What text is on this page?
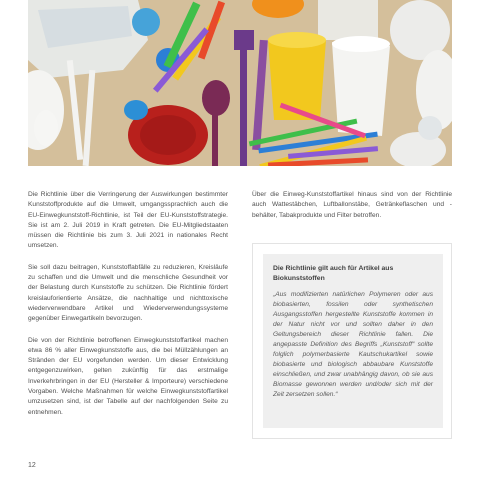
Die Richtlinie über die Verringerung der Auswirkungen bestimmter Kunststoffprodukte auf die Umwelt, umgangssprachlich auch die EU-Einwegkunststoff-Richtlinie, ist Teil der EU-Kunststoffstrategie. Sie ist am 2. Juli 2019 in Kraft getreten. Die EU-Mitgliedstaaten müssen die Richtlinie bis zum 3. Juli 2021 in nationales Recht umsetzen.

Sie soll dazu beitragen, Kunststoffabfälle zu reduzieren, Kreisläufe zu schaffen und die Umwelt und die menschliche Gesundheit vor der Belastung durch Kunststoffe zu schützen. Die Richtlinie fördert kreislauforientierte Ansätze, die nachhaltige und nichttoxische wiederverwendbare Artikel und Wiederverwendungssysteme gegenüber Einwegartikeln bevorzugen.

Die von der Richtlinie betroffenen Einwegkunststoffartikel machen etwa 86 % aller Einwegkunststoffe aus, die bei Müllzählungen an Stränden der EU vorgefunden werden. Um dieser Entwicklung entgegenzuwirken, gelten zukünftig für das erstmalige Inverkehrbringen in der EU (Hersteller & Importeure) verschiedene Vorgaben. Welche Maßnahmen für welche Einwegkunststoffartikel umzusetzen sind, ist der Tabelle auf der nachfolgenden Seite zu entnehmen.

Über die Einweg-Kunststoffartikel hinaus sind von der Richtlinie auch Wattestäbchen, Luftballonstäbe, Getränkeflaschen und -behälter, Tabakprodukte und Filter betroffen.

Die Richtlinie gilt auch für Artikel aus Biokunststoffen

„Aus modifizierten natürlichen Polymeren oder aus biobasierten, fossilen oder synthetischen Ausgangsstoffen hergestellte Kunststoffe kommen in der Natur nicht vor und sollten daher in den Geltungsbereich dieser Richtlinie fallen. Die angepasste Definition des Begriffs „Kunststoff“ sollte folglich polymerbasierte Kautschukartikel sowie biobasierte und biologisch abbaubare Kunststoffe einschließen, und zwar unabhängig davon, ob sie aus Biomasse gewonnen werden und/oder sich mit der Zeit zersetzen sollen.“

12
